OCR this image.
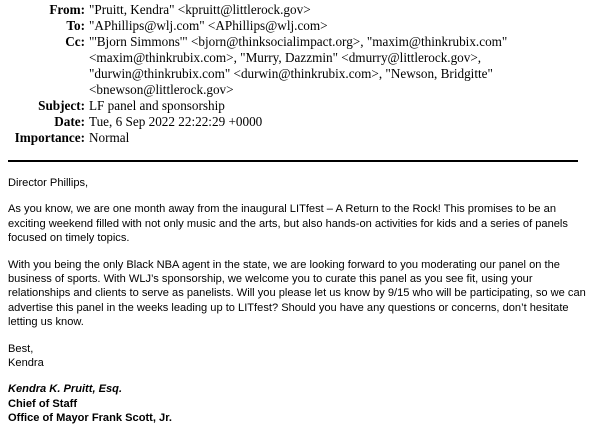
From: "Pruitt, Kendra" <kpruitt@littlerock.gov>
To: "APhillips@wlj.com" <APhillips@wlj.com>
Cc: "'Bjorn Simmons'" <bjorn@thinksocialimpact.org>, "maxim@thinkrubix.com" <maxim@thinkrubix.com>, "Murry, Dazzmin" <dmurry@littlerock.gov>, "durwin@thinkrubix.com" <durwin@thinkrubix.com>, "Newson, Bridgitte" <bnewson@littlerock.gov>
Subject: LF panel and sponsorship
Date: Tue, 6 Sep 2022 22:22:29 +0000
Importance: Normal

Director Phillips,

As you know, we are one month away from the inaugural LITfest – A Return to the Rock! This promises to be an exciting weekend filled with not only music and the arts, but also hands-on activities for kids and a series of panels focused on timely topics.

With you being the only Black NBA agent in the state, we are looking forward to you moderating our panel on the business of sports. With WLJ’s sponsorship, we welcome you to curate this panel as you see fit, using your relationships and clients to serve as panelists. Will you please let us know by 9/15 who will be participating, so we can advertise this panel in the weeks leading up to LITfest? Should you have any questions or concerns, don’t hesitate letting us know.

Best,
Kendra

Kendra K. Pruitt, Esq.
Chief of Staff
Office of Mayor Frank Scott, Jr.
